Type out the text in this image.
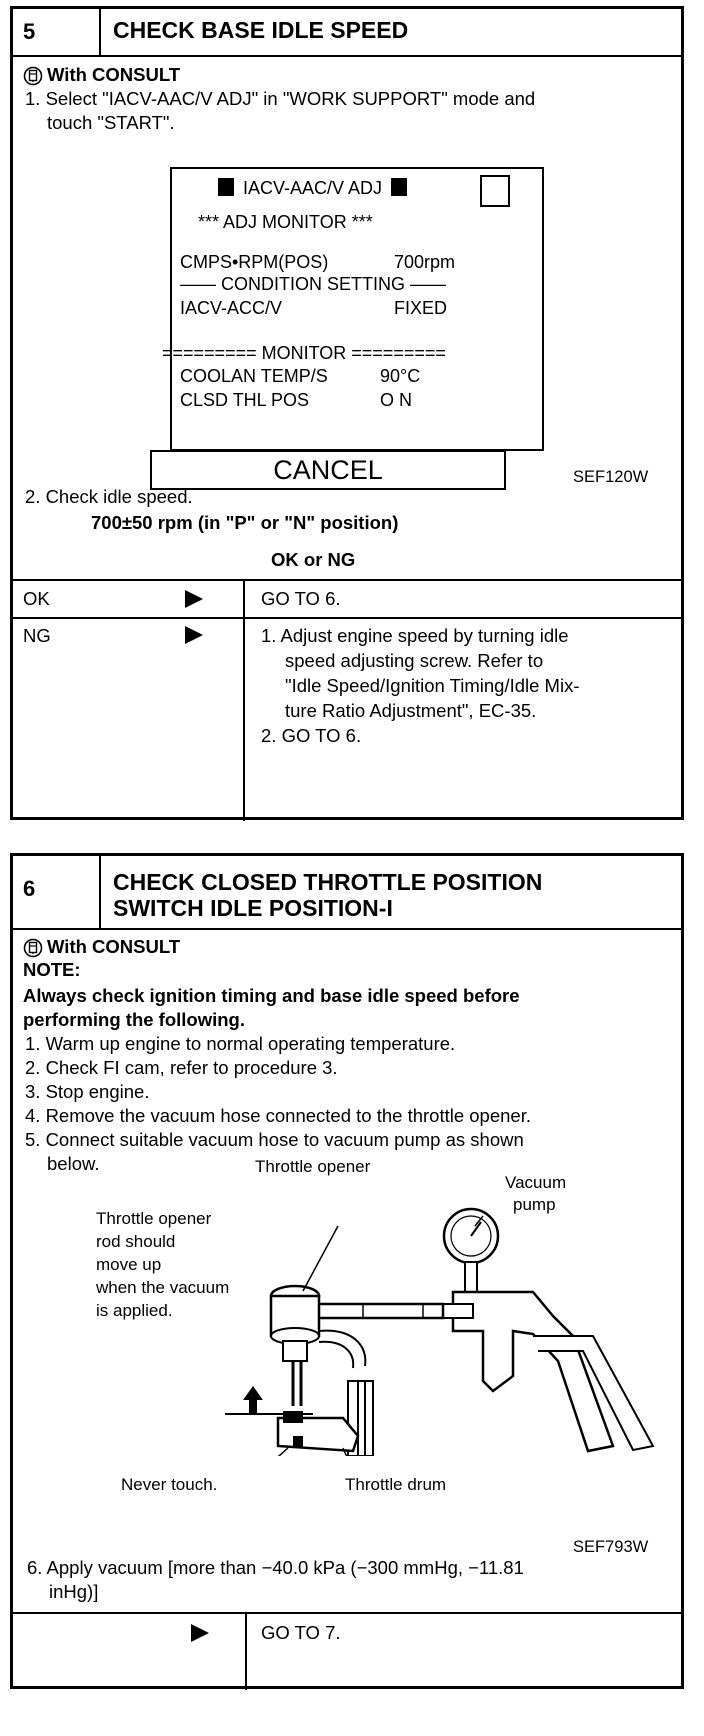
5	CHECK BASE IDLE SPEED
With CONSULT
1. Select "IACV-AAC/V ADJ" in "WORK SUPPORT" mode and
touch "START".
IACV-AAC/V ADJ
*** ADJ MONITOR ***
CMPS•RPM(POS)	700rpm
—— CONDITION SETTING ——
IACV-ACC/V	FIXED
========= MONITOR =========
COOLAN TEMP/S	90°C
CLSD THL POS	O N
CANCEL	SEF120W
2. Check idle speed.
700±50 rpm (in "P" or "N" position)
OK or NG
OK	GO TO 6.
NG	1. Adjust engine speed by turning idle
speed adjusting screw. Refer to
"Idle Speed/Ignition Timing/Idle Mix-
ture Ratio Adjustment", EC-35.
2. GO TO 6.
6	CHECK CLOSED THROTTLE POSITION
SWITCH IDLE POSITION-I
With CONSULT
NOTE:
Always check ignition timing and base idle speed before
performing the following.
1. Warm up engine to normal operating temperature.
2. Check FI cam, refer to procedure 3.
3. Stop engine.
4. Remove the vacuum hose connected to the throttle opener.
5. Connect suitable vacuum hose to vacuum pump as shown
below.	Throttle opener
Vacuum
pump
Throttle opener
rod should
move up
when the vacuum
is applied.
Never touch.	Throttle drum
SEF793W
6. Apply vacuum [more than −40.0 kPa (−300 mmHg, −11.81
inHg)]
GO TO 7.
